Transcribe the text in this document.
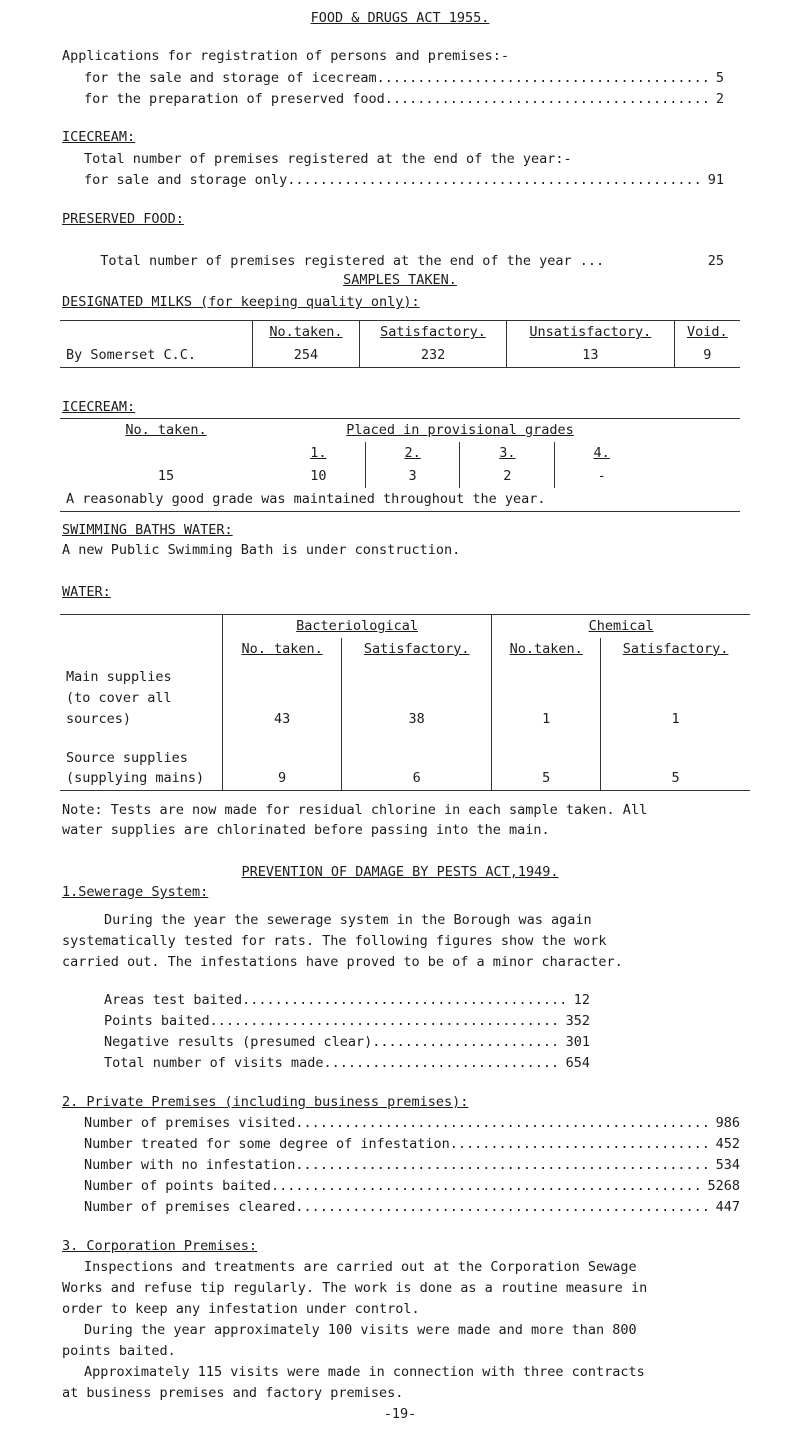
FOOD & DRUGS ACT 1955.
Applications for registration of persons and premises:-
for the sale and storage of icecream .....	5
for the preparation of preserved food .....	2
ICECREAM:
Total number of premises registered at the end of the year:-
for sale and storage only .....	91
PRESERVED FOOD:

Total number of premises registered at the end of the year ...	25

SAMPLES TAKEN.
DESIGNATED MILKS (for keeping quality only):
	No.taken.	Satisfactory.	Unsatisfactory.	Void.
By Somerset C.C.	254	232	13	9
ICECREAM:
No. taken.	Placed in provisional grades				
	1.	2.	3.	4.	
15	10	3	2	-	
A reasonably good grade was maintained throughout the year.					
SWIMMING BATHS WATER:
A new Public Swimming Bath is under construction.
WATER:
	Bacteriological		Chemical	
	No. taken.	Satisfactory.	No.taken.	Satisfactory.

Main supplies
(to cover all
sources)	43	38	1	1

Source supplies
(supplying mains)	9	6	5	5
Note: Tests are now made for residual chlorine in each sample taken. All
water supplies are chlorinated before passing into the main.
PREVENTION OF DAMAGE BY PESTS ACT,1949.
1.Sewerage System:
During the year the sewerage system in the Borough was again
systematically tested for rats. The following figures show the work
carried out. The infestations have proved to be of a minor character.
Areas test baited .....	12
Points baited .....	352
Negative results (presumed clear) .....	301
Total number of visits made .....	654
2. Private Premises (including business premises):
Number of premises visited .....	986
Number treated for some degree of infestation .....	452
Number with no infestation .....	534
Number of points baited .....	5268
Number of premises cleared .....	447
3. Corporation Premises:
Inspections and treatments are carried out at the Corporation Sewage
Works and refuse tip regularly. The work is done as a routine measure in
order to keep any infestation under control.
During the year approximately 100 visits were made and more than 800
points baited.
Approximately 115 visits were made in connection with three contracts
at business premises and factory premises.
-19-
